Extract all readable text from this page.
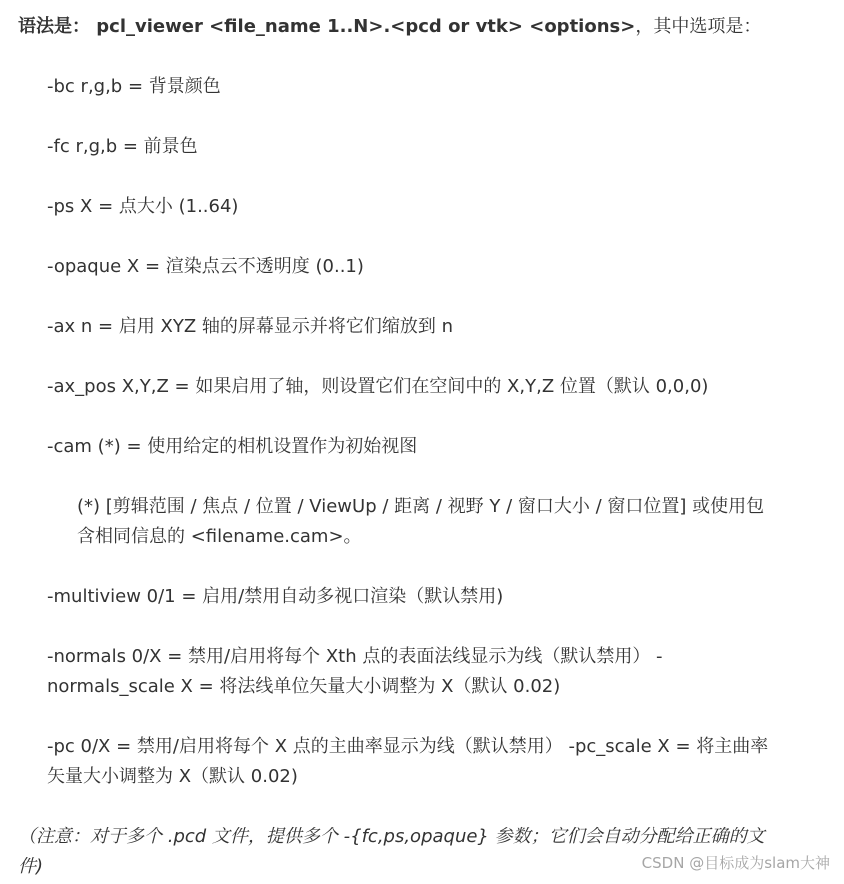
语法是： pcl_viewer <file_name 1..N>.<pcd or vtk> <options>，其中选项是：
-bc r,g,b = 背景颜色
-fc r,g,b = 前景色
-ps X = 点大小 (1..64)
-opaque X = 渲染点云不透明度 (0..1)
-ax n = 启用 XYZ 轴的屏幕显示并将它们缩放到 n
-ax_pos X,Y,Z = 如果启用了轴，则设置它们在空间中的 X,Y,Z 位置（默认 0,0,0)
-cam (*) = 使用给定的相机设置作为初始视图
(*) [剪辑范围 / 焦点 / 位置 / ViewUp / 距离 / 视野 Y / 窗口大小 / 窗口位置] 或使用包
含相同信息的 <filename.cam>。
-multiview 0/1 = 启用/禁用自动多视口渲染（默认禁用)
-normals 0/X = 禁用/启用将每个 Xth 点的表面法线显示为线（默认禁用） -
normals_scale X = 将法线单位矢量大小调整为 X（默认 0.02)
-pc 0/X = 禁用/启用将每个 X 点的主曲率显示为线（默认禁用） -pc_scale X = 将主曲率
矢量大小调整为 X（默认 0.02)
（注意：对于多个 .pcd 文件，提供多个 -{fc,ps,opaque} 参数；它们会自动分配给正确的文
件)	CSDN @目标成为slam大神
